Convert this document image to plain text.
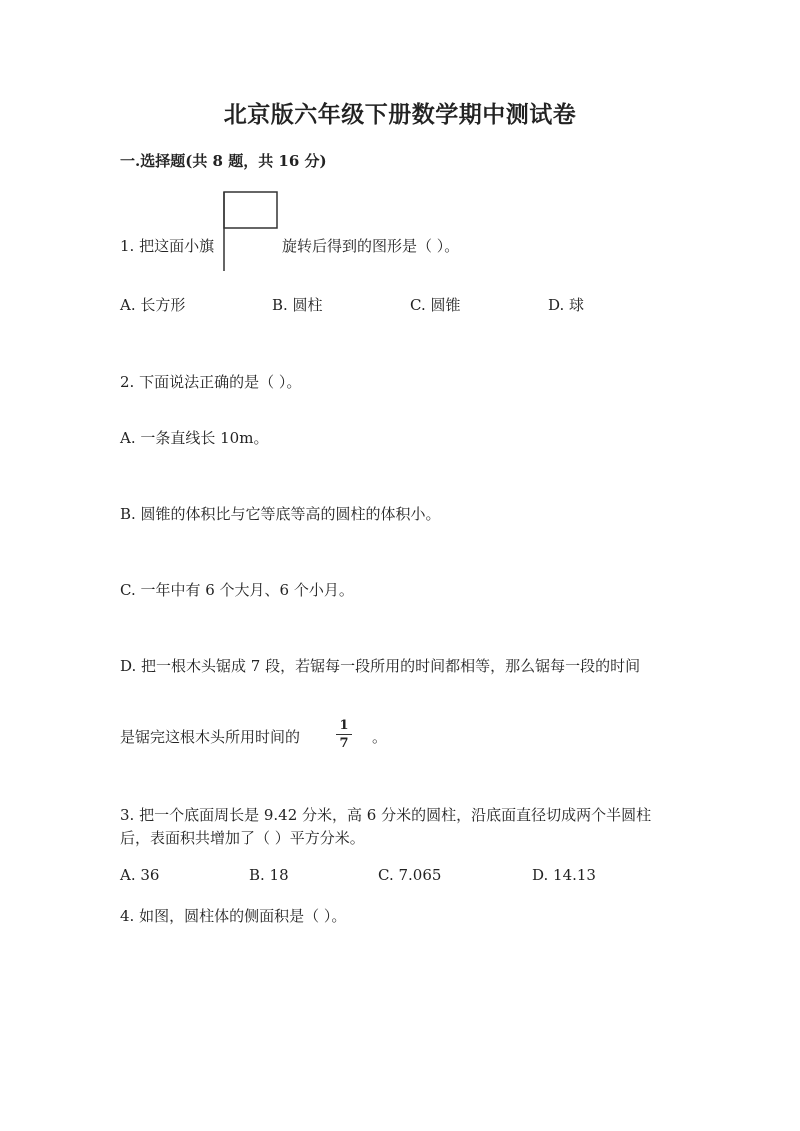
北京版六年级下册数学期中测试卷
一.选择题(共 8 题，共 16 分)
1. 把这面小旗	旋转后得到的图形是（ ）。
A. 长方形	B. 圆柱	C. 圆锥	D. 球
2. 下面说法正确的是（ ）。
A. 一条直线长 10m。
B. 圆锥的体积比与它等底等高的圆柱的体积小。
C. 一年中有 6 个大月、6 个小月。
D. 把一根木头锯成 7 段，若锯每一段所用的时间都相等，那么锯每一段的时间
是锯完这根木头所用时间的
1
7	。
3. 把一个底面周长是 9.42 分米，高 6 分米的圆柱，沿底面直径切成两个半圆柱
后，表面积共增加了（ ）平方分米。
A. 36	B. 18	C. 7.065	D. 14.13
4. 如图，圆柱体的侧面积是（ ）。
